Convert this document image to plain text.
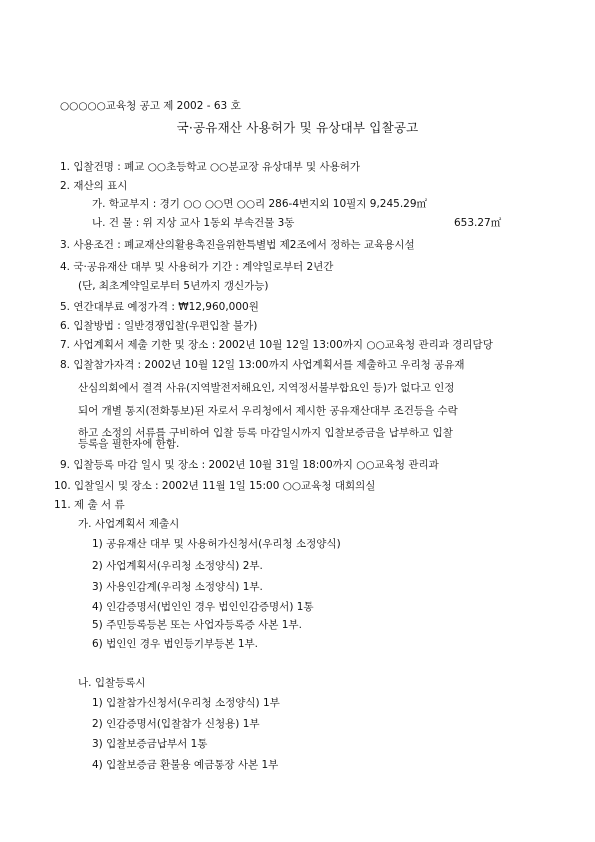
○○○○○교육청 공고 제 2002 - 63 호
국·공유재산 사용허가 및 유상대부 입찰공고
1. 입찰건명 : 폐교 ○○초등학교 ○○분교장 유상대부 및 사용허가
2. 재산의 표시
가. 학교부지 : 경기 ○○ ○○면 ○○리 286-4번지외 10필지 9,245.29㎡
나. 건 물 : 위 지상 교사 1동외 부속건물 3동	653.27㎡
3. 사용조건 : 폐교재산의활용촉진을위한특별법 제2조에서 정하는 교육용시설
4. 국·공유재산 대부 및 사용허가 기간 : 계약일로부터 2년간
(단, 최초계약일로부터 5년까지 갱신가능)
5. 연간대부료 예정가격 : ₩12,960,000원
6. 입찰방법 : 일반경쟁입찰(우편입찰 불가)
7. 사업계획서 제출 기한 및 장소 : 2002년 10월 12일 13:00까지 ○○교육청 관리과 경리담당
8. 입찰참가자격 : 2002년 10월 12일 13:00까지 사업계획서를 제출하고 우리청 공유재
산심의회에서 결격 사유(지역발전저해요인, 지역정서불부합요인 등)가 없다고 인정
되어 개별 통지(전화통보)된 자로서 우리청에서 제시한 공유재산대부 조건등을 수락
하고 소정의 서류를 구비하여 입찰 등록 마감일시까지 입찰보증금을 납부하고 입찰
등록을 필한자에 한함.
9. 입찰등록 마감 일시 및 장소 : 2002년 10월 31일 18:00까지 ○○교육청 관리과
10. 입찰일시 및 장소 : 2002년 11월 1일 15:00 ○○교육청 대회의실
11. 제 출 서 류
가. 사업계획서 제출시
1) 공유재산 대부 및 사용허가신청서(우리청 소정양식)
2) 사업계획서(우리청 소정양식) 2부.
3) 사용인감계(우리청 소정양식) 1부.
4) 인감증명서(법인인 경우 법인인감증명서) 1통
5) 주민등록등본 또는 사업자등록증 사본 1부.
6) 법인인 경우 법인등기부등본 1부.
나. 입찰등록시
1) 입찰참가신청서(우리청 소정양식) 1부
2) 인감증명서(입찰참가 신청용) 1부
3) 입찰보증금납부서 1통
4) 입찰보증금 환불용 예금통장 사본 1부
